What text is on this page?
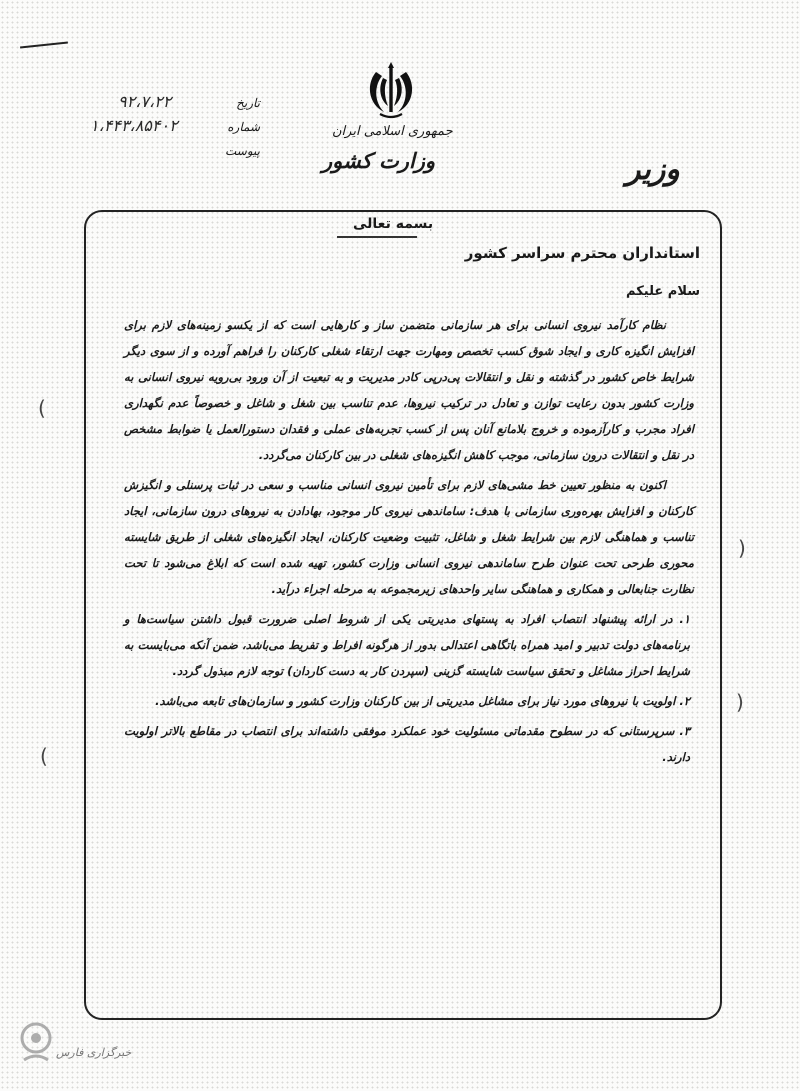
جمهوری اسلامی ایران
وزارت کشور	وزیر
تاریخ
۹۲،۷،۲۲
شماره
۱،۴۴۳،۸۵۴۰۲
پیوست
بسمه تعالی
استانداران محترم سراسر کشور
سلام علیکم

نظام کارآمد نیروی انسانی برای هر سازمانی متضمن ساز و کارهایی است که از یکسو زمینه‌های لازم برای افزایش انگیزه کاری و ایجاد شوق کسب تخصص ومهارت جهت ارتقاء شغلی کارکنان را فراهم آورده و از سوی دیگر شرایط خاص کشور در گذشته و نقل و انتقالات پی‌درپی کادر مدیریت و به تبعیت از آن ورود بی‌رویه نیروی انسانی به وزارت کشور بدون رعایت توازن و تعادل در ترکیب نیروها، عدم تناسب بین شغل و شاغل و خصوصاً عدم نگهداری افراد مجرب و کارآزموده و خروج بلامانع آنان پس از کسب تجربه‌های عملی و فقدان دستورالعمل یا ضوابط مشخص در نقل و انتقالات درون سازمانی، موجب کاهش انگیزه‌های شغلی در بین کارکنان می‌گردد.

اکنون به منظور تعیین خط مشی‌های لازم برای تأمین نیروی انسانی مناسب و سعی در ثبات پرسنلی و انگیزش کارکنان و افزایش بهره‌وری سازمانی با هدف: ساماندهی نیروی کار موجود، بهادادن به نیروهای درون سازمانی، ایجاد تناسب و هماهنگی لازم بین شرایط شغل و شاغل، تثبیت وضعیت کارکنان، ایجاد انگیزه‌های شغلی از طریق شایسته محوری طرحی تحت عنوان طرح ساماندهی نیروی انسانی وزارت کشور، تهیه شده است که ابلاغ می‌شود تا تحت نظارت جنابعالی و همکاری و هماهنگی سایر واحدهای زیرمجموعه به مرحله اجراء درآید.

۱. در ارائه پیشنهاد انتصاب افراد به پستهای مدیریتی یکی از شروط اصلی ضرورت قبول داشتن سیاست‌ها و برنامه‌های دولت تدبیر و امید همراه باتگاهی اعتدالی بدور از هرگونه افراط و تفریط می‌باشد، ضمن آنکه می‌بایست به شرایط احراز مشاغل و تحقق سیاست شایسته گزینی (سپردن کار به دست کاردان) توجه لازم مبذول گردد.

۲. اولویت با نیروهای مورد نیاز برای مشاغل مدیریتی از بین کارکنان وزارت کشور و سازمان‌های تابعه می‌باشد.

۳. سرپرستانی که در سطوح مقدماتی مسئولیت خود عملکرد موفقی داشته‌اند برای انتصاب در مقاطع بالاتر اولویت دارند.

(
)
)
(
خبرگزاری فارس
